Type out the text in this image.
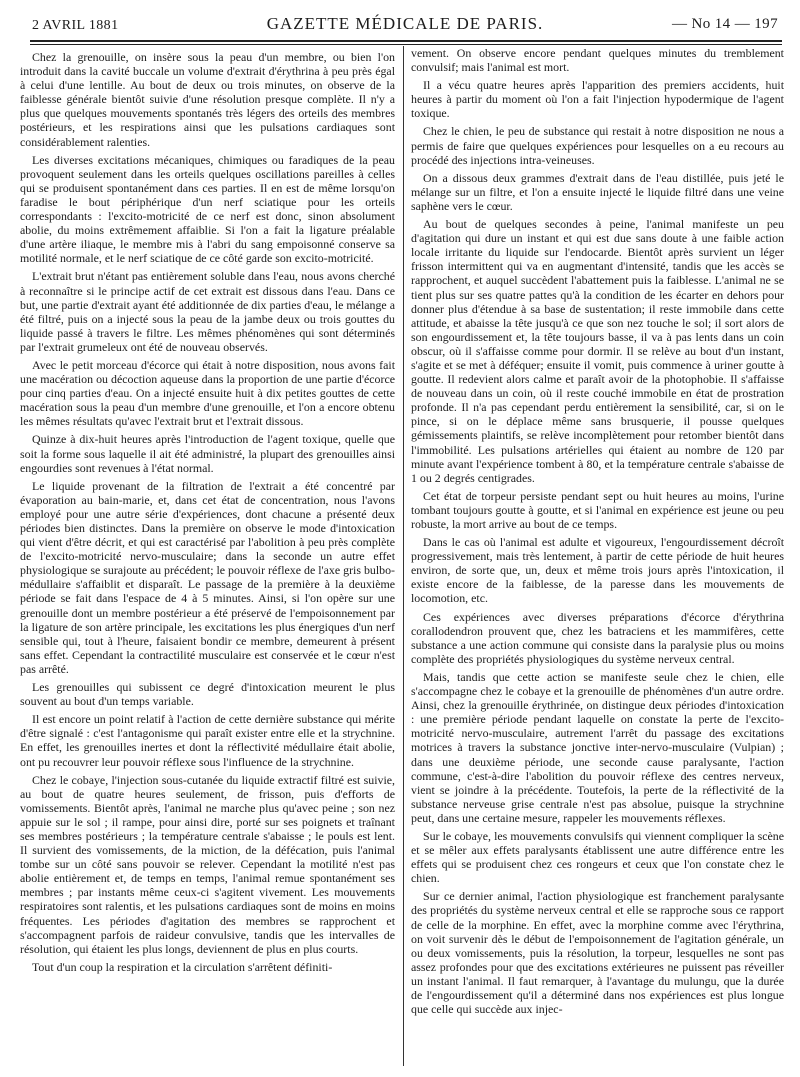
2 AVRIL 1881	GAZETTE MÉDICALE DE PARIS.	— No 14 — 197

Chez la grenouille, on insère sous la peau d'un membre, ou bien l'on introduit dans la cavité buccale un volume d'extrait d'érythrina à peu près égal à celui d'une lentille. Au bout de deux ou trois minutes, on observe de la faiblesse générale bientôt suivie d'une résolution presque complète. Il n'y a plus que quelques mouvements spontanés très légers des orteils des membres postérieurs, et les respirations ainsi que les pulsations cardiaques sont considérablement ralenties.

Les diverses excitations mécaniques, chimiques ou faradiques de la peau provoquent seulement dans les orteils quelques oscillations pareilles à celles qui se produisent spontanément dans ces parties. Il en est de même lorsqu'on faradise le bout périphérique d'un nerf sciatique pour les orteils correspondants : l'excito-motricité de ce nerf est donc, sinon absolument abolie, du moins extrêmement affaiblie. Si l'on a fait la ligature préalable d'une artère iliaque, le membre mis à l'abri du sang empoisonné conserve sa motilité normale, et le nerf sciatique de ce côté garde son excito-motricité.

L'extrait brut n'étant pas entièrement soluble dans l'eau, nous avons cherché à reconnaître si le principe actif de cet extrait est dissous dans l'eau. Dans ce but, une partie d'extrait ayant été additionnée de dix parties d'eau, le mélange a été filtré, puis on a injecté sous la peau de la jambe deux ou trois gouttes du liquide passé à travers le filtre. Les mêmes phénomènes qui sont déterminés par l'extrait grumeleux ont été de nouveau observés.

Avec le petit morceau d'écorce qui était à notre disposition, nous avons fait une macération ou décoction aqueuse dans la proportion de une partie d'écorce pour cinq parties d'eau. On a injecté ensuite huit à dix petites gouttes de cette macération sous la peau d'un membre d'une grenouille, et l'on a encore obtenu les mêmes résultats qu'avec l'extrait brut et l'extrait dissous.

Quinze à dix-huit heures après l'introduction de l'agent toxique, quelle que soit la forme sous laquelle il ait été administré, la plupart des grenouilles ainsi engourdies sont revenues à l'état normal.

Le liquide provenant de la filtration de l'extrait a été concentré par évaporation au bain-marie, et, dans cet état de concentration, nous l'avons employé pour une autre série d'expériences, dont chacune a présenté deux périodes bien distinctes. Dans la première on observe le mode d'intoxication qui vient d'être décrit, et qui est caractérisé par l'abolition à peu près complète de l'excito-motricité nervo-musculaire; dans la seconde un autre effet physiologique se surajoute au précédent; le pouvoir réflexe de l'axe gris bulbo-médullaire s'affaiblit et disparaît. Le passage de la première à la deuxième période se fait dans l'espace de 4 à 5 minutes. Ainsi, si l'on opère sur une grenouille dont un membre postérieur a été préservé de l'empoisonnement par la ligature de son artère principale, les excitations les plus énergiques d'un nerf sensible qui, tout à l'heure, faisaient bondir ce membre, demeurent à présent sans effet. Cependant la contractilité musculaire est conservée et le cœur n'est pas arrêté.

Les grenouilles qui subissent ce degré d'intoxication meurent le plus souvent au bout d'un temps variable.

Il est encore un point relatif à l'action de cette dernière substance qui mérite d'être signalé : c'est l'antagonisme qui paraît exister entre elle et la strychnine. En effet, les grenouilles inertes et dont la réflectivité médullaire était abolie, ont pu recouvrer leur pouvoir réflexe sous l'influence de la strychnine.

Chez le cobaye, l'injection sous-cutanée du liquide extractif filtré est suivie, au bout de quatre heures seulement, de frisson, puis d'efforts de vomissements. Bientôt après, l'animal ne marche plus qu'avec peine ; son nez appuie sur le sol ; il rampe, pour ainsi dire, porté sur ses poignets et traînant ses membres postérieurs ; la température centrale s'abaisse ; le pouls est lent. Il survient des vomissements, de la miction, de la défécation, puis l'animal tombe sur un côté sans pouvoir se relever. Cependant la motilité n'est pas abolie entièrement et, de temps en temps, l'animal remue spontanément ses membres ; par instants même ceux-ci s'agitent vivement. Les mouvements respiratoires sont ralentis, et les pulsations cardiaques sont de moins en moins fréquentes. Les périodes d'agitation des membres se rapprochent et s'accompagnent parfois de raideur convulsive, tandis que les intervalles de résolution, qui étaient les plus longs, deviennent de plus en plus courts.

Tout d'un coup la respiration et la circulation s'arrêtent définiti-

vement. On observe encore pendant quelques minutes du tremblement convulsif; mais l'animal est mort.

Il a vécu quatre heures après l'apparition des premiers accidents, huit heures à partir du moment où l'on a fait l'injection hypodermique de l'agent toxique.

Chez le chien, le peu de substance qui restait à notre disposition ne nous a permis de faire que quelques expériences pour lesquelles on a eu recours au procédé des injections intra-veineuses.

On a dissous deux grammes d'extrait dans de l'eau distillée, puis jeté le mélange sur un filtre, et l'on a ensuite injecté le liquide filtré dans une veine saphène vers le cœur.

Au bout de quelques secondes à peine, l'animal manifeste un peu d'agitation qui dure un instant et qui est due sans doute à une faible action locale irritante du liquide sur l'endocarde. Bientôt après survient un léger frisson intermittent qui va en augmentant d'intensité, tandis que les accès se rapprochent, et auquel succèdent l'abattement puis la faiblesse. L'animal ne se tient plus sur ses quatre pattes qu'à la condition de les écarter en dehors pour donner plus d'étendue à sa base de sustentation; il reste immobile dans cette attitude, et abaisse la tête jusqu'à ce que son nez touche le sol; il sort alors de son engourdissement et, la tête toujours basse, il va à pas lents dans un coin obscur, où il s'affaisse comme pour dormir. Il se relève au bout d'un instant, s'agite et se met à déféquer; ensuite il vomit, puis commence à uriner goutte à goutte. Il redevient alors calme et paraît avoir de la photophobie. Il s'affaisse de nouveau dans un coin, où il reste couché immobile en état de prostration profonde. Il n'a pas cependant perdu entièrement la sensibilité, car, si on le pince, si on le déplace même sans brusquerie, il pousse quelques gémissements plaintifs, se relève incomplètement pour retomber bientôt dans l'immobilité. Les pulsations artérielles qui étaient au nombre de 120 par minute avant l'expérience tombent à 80, et la température centrale s'abaisse de 1 ou 2 degrés centigrades.

Cet état de torpeur persiste pendant sept ou huit heures au moins, l'urine tombant toujours goutte à goutte, et si l'animal en expérience est jeune ou peu robuste, la mort arrive au bout de ce temps.

Dans le cas où l'animal est adulte et vigoureux, l'engourdissement décroît progressivement, mais très lentement, à partir de cette période de huit heures environ, de sorte que, un, deux et même trois jours après l'intoxication, il existe encore de la faiblesse, de la paresse dans les mouvements de locomotion, etc.

Ces expériences avec diverses préparations d'écorce d'érythrina corallodendron prouvent que, chez les batraciens et les mammifères, cette substance a une action commune qui consiste dans la paralysie plus ou moins complète des propriétés physiologiques du système nerveux central.

Mais, tandis que cette action se manifeste seule chez le chien, elle s'accompagne chez le cobaye et la grenouille de phénomènes d'un autre ordre. Ainsi, chez la grenouille érythrinée, on distingue deux périodes d'intoxication : une première période pendant laquelle on constate la perte de l'excito-motricité nervo-musculaire, autrement l'arrêt du passage des excitations motrices à travers la substance jonctive inter-nervo-musculaire (Vulpian) ; dans une deuxième période, une seconde cause paralysante, l'action commune, c'est-à-dire l'abolition du pouvoir réflexe des centres nerveux, vient se joindre à la précédente. Toutefois, la perte de la réflectivité de la substance nerveuse grise centrale n'est pas absolue, puisque la strychnine peut, dans une certaine mesure, rappeler les mouvements réflexes.

Sur le cobaye, les mouvements convulsifs qui viennent compliquer la scène et se mêler aux effets paralysants établissent une autre différence entre les effets qui se produisent chez ces rongeurs et ceux que l'on constate chez le chien.

Sur ce dernier animal, l'action physiologique est franchement paralysante des propriétés du système nerveux central et elle se rapproche sous ce rapport de celle de la morphine. En effet, avec la morphine comme avec l'érythrina, on voit survenir dès le début de l'empoisonnement de l'agitation générale, un ou deux vomissements, puis la résolution, la torpeur, lesquelles ne sont pas assez profondes pour que des excitations extérieures ne puissent pas réveiller un instant l'animal. Il faut remarquer, à l'avantage du mulungu, que la durée de l'engourdissement qu'il a déterminé dans nos expériences est plus longue que celle qui succède aux injec-
